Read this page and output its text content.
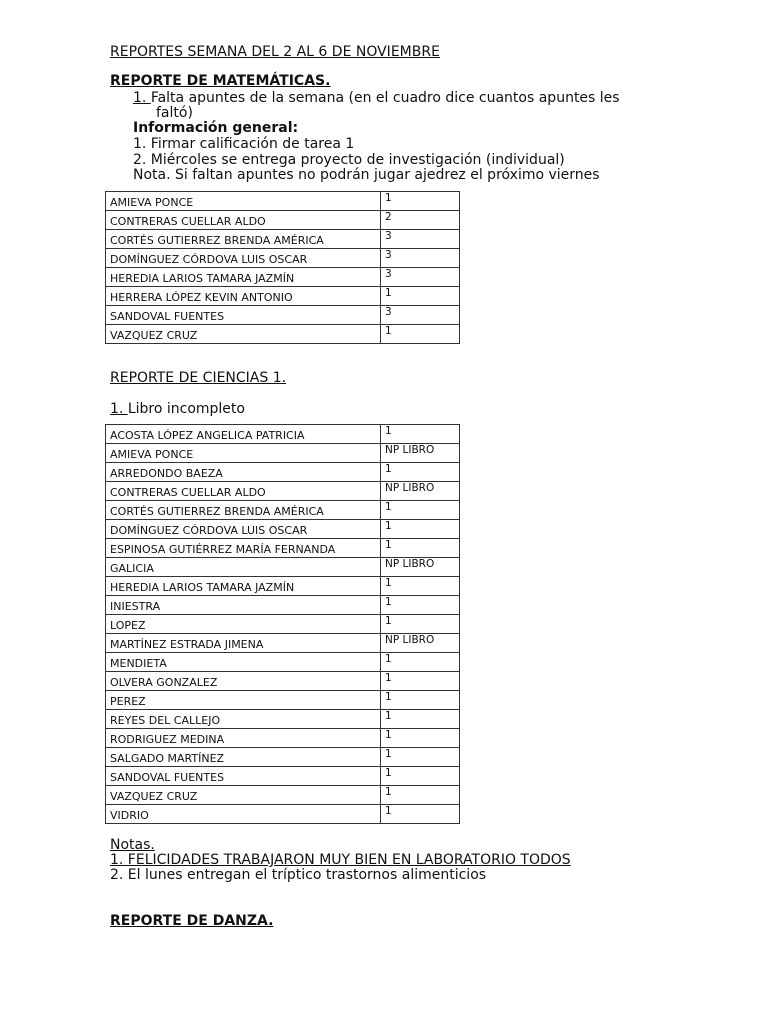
REPORTES SEMANA DEL 2 AL 6 DE NOVIEMBRE
REPORTE DE MATEMÁTICAS.
1. Falta apuntes de la semana (en el cuadro dice cuantos apuntes les
faltó)
Información general:
1. Firmar calificación de tarea 1
2. Miércoles se entrega proyecto de investigación (individual)
Nota. Si faltan apuntes no podrán jugar ajedrez el próximo viernes
AMIEVA PONCE	1
CONTRERAS CUELLAR ALDO	2
CORTÉS GUTIERREZ BRENDA AMÉRICA	3
DOMÍNGUEZ CÓRDOVA LUIS OSCAR	3
HEREDIA LARIOS TAMARA JAZMÍN	3
HERRERA LÓPEZ KEVIN ANTONIO	1
SANDOVAL FUENTES	3
VAZQUEZ CRUZ	1
REPORTE DE CIENCIAS 1.
1. Libro incompleto
ACOSTA LÓPEZ ANGELICA PATRICIA	1
AMIEVA PONCE	NP LIBRO
ARREDONDO BAEZA	1
CONTRERAS CUELLAR ALDO	NP LIBRO
CORTÉS GUTIERREZ BRENDA AMÉRICA	1
DOMÍNGUEZ CÓRDOVA LUIS OSCAR	1
ESPINOSA GUTIÉRREZ MARÍA FERNANDA	1
GALICIA	NP LIBRO
HEREDIA LARIOS TAMARA JAZMÍN	1
INIESTRA	1
LOPEZ	1
MARTÍNEZ ESTRADA JIMENA	NP LIBRO
MENDIETA	1
OLVERA GONZALEZ	1
PEREZ	1
REYES DEL CALLEJO	1
RODRIGUEZ MEDINA	1
SALGADO MARTÍNEZ	1
SANDOVAL FUENTES	1
VAZQUEZ CRUZ	1
VIDRIO	1
Notas.
1. FELICIDADES TRABAJARON MUY BIEN EN LABORATORIO TODOS
2. El lunes entregan el tríptico trastornos alimenticios
REPORTE DE DANZA.
